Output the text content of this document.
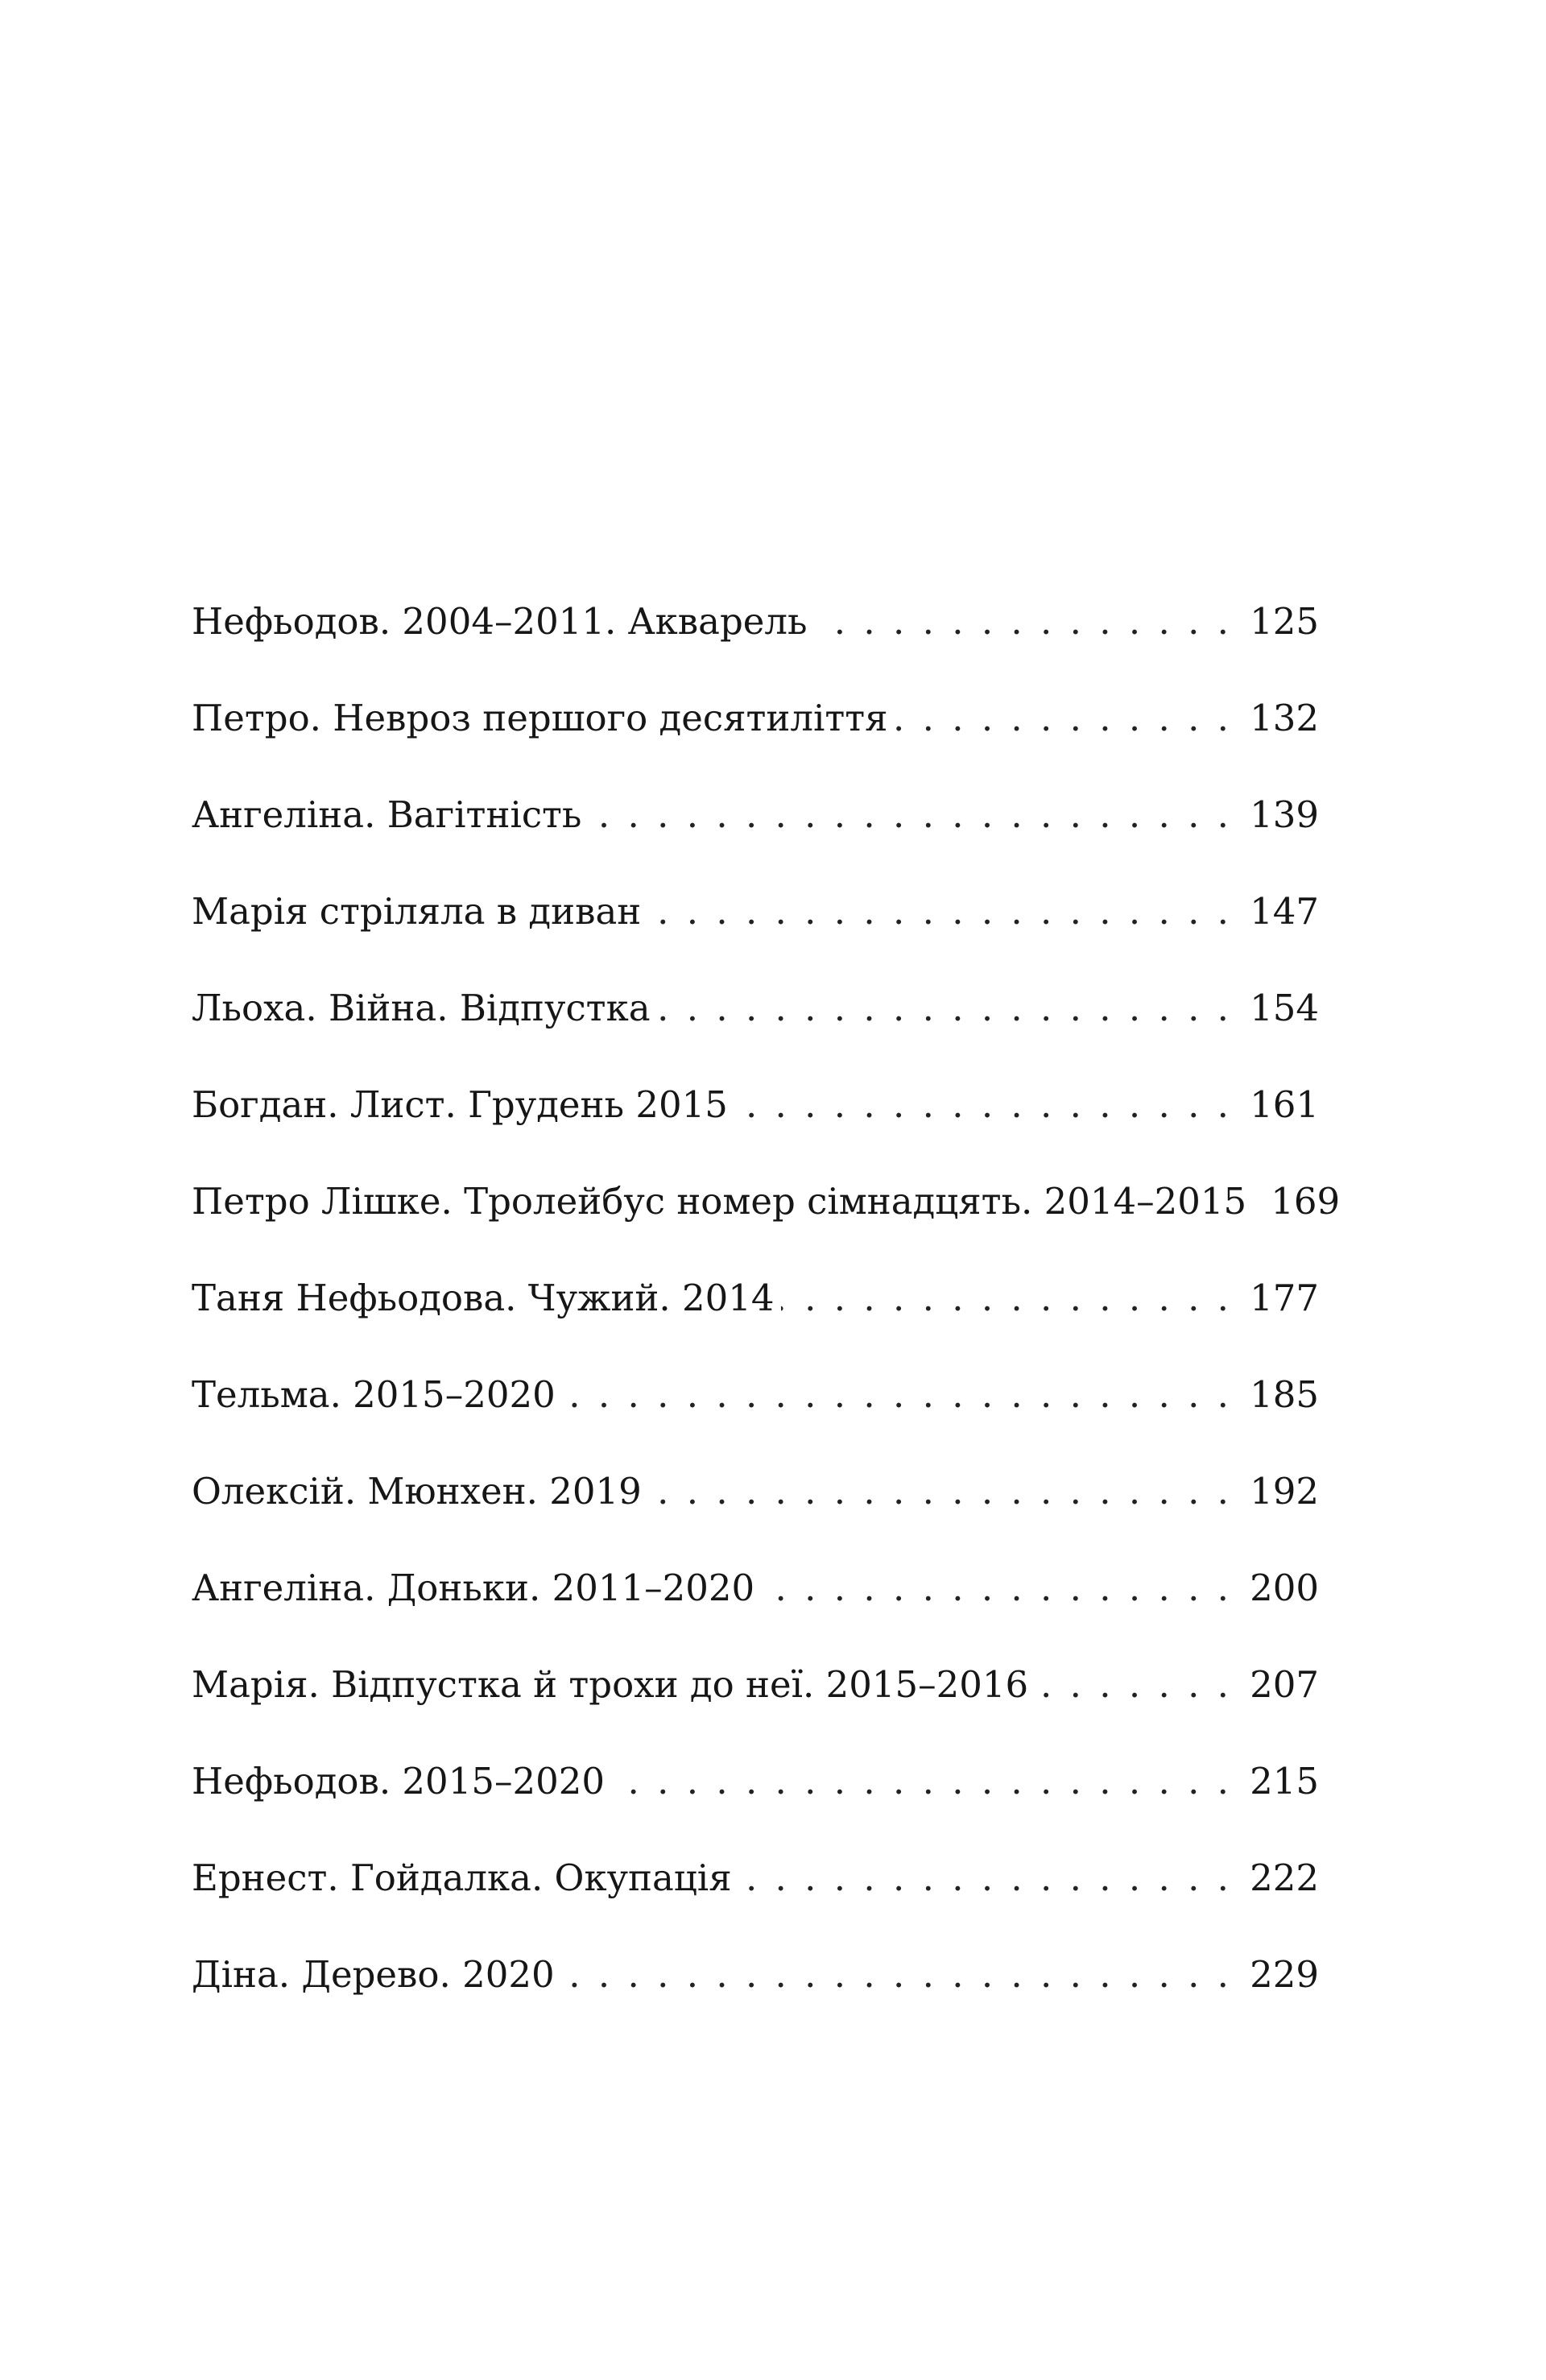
Нефьодов. 2004–2011. Акварель . . .	125
Петро. Невроз першого десятиліття . . .	132
Ангеліна. Вагітність . . .	139
Марія стріляла в диван . . .	147
Льоха. Війна. Відпустка . . .	154
Богдан. Лист. Грудень 2015 . . .	161
Петро Лішке. Тролейбус номер сімнадцять. 2014–2015 169
Таня Нефьодова. Чужий. 2014 . . .	177
Тельма. 2015–2020 . . .	185
Олексій. Мюнхен. 2019 . . .	192
Ангеліна. Доньки. 2011–2020 . . .	200
Марія. Відпустка й трохи до неї. 2015–2016 . . .	207
Нефьодов. 2015–2020 . . .	215
Ернест. Гойдалка. Окупація . . .	222
Діна. Дерево. 2020 . . .	229
